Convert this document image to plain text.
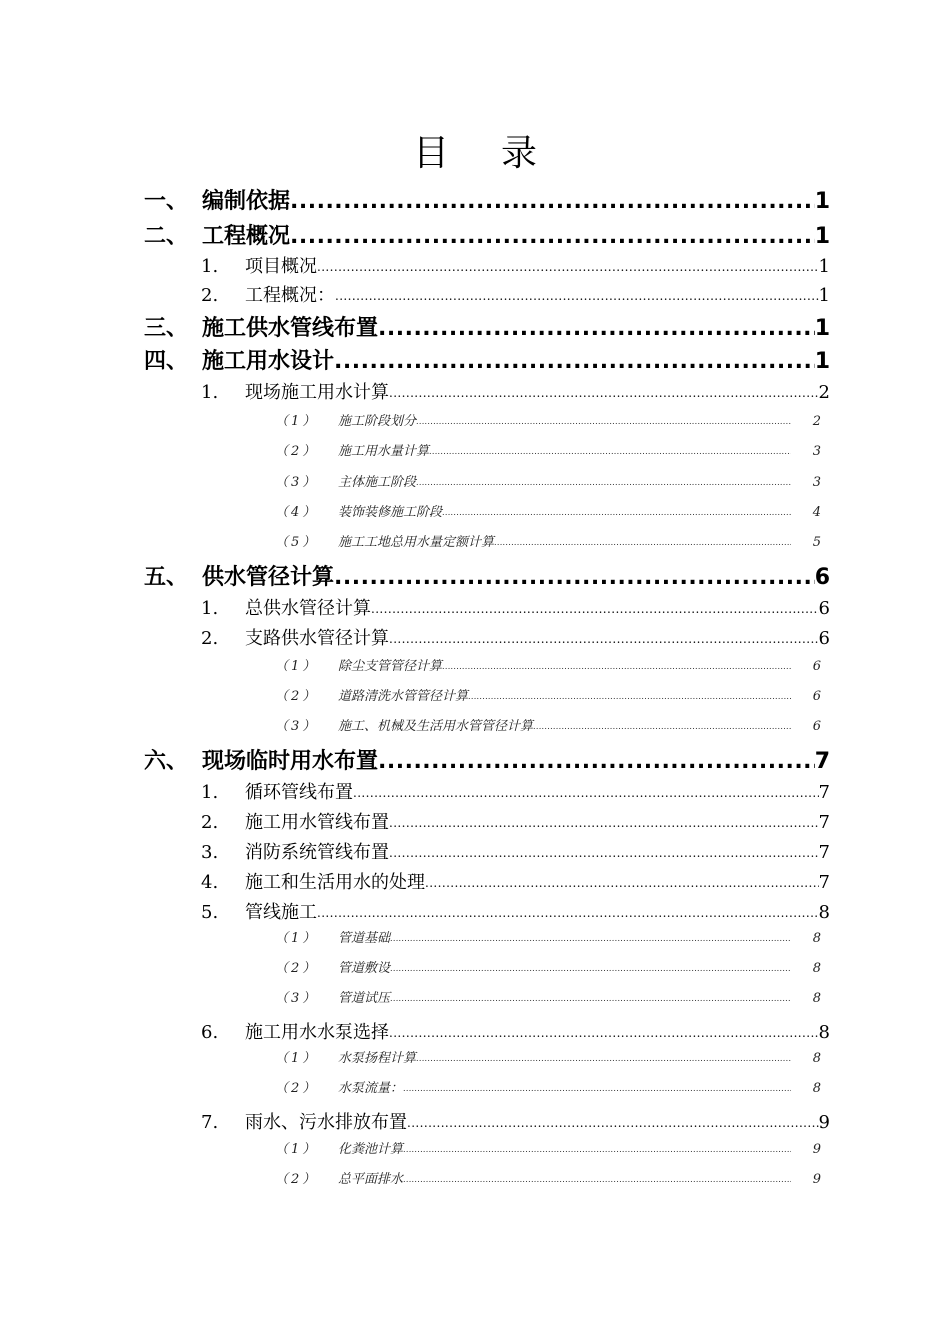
目 录
一、 编制依据 .....	1
二、 工程概况 .....	1
1.	项目概况 .....	1
2.	工程概况： .....	1
三、 施工供水管线布置 .....	1
四、 施工用水设计 .....	1
1.	现场施工用水计算 .....	2
（1）	施工阶段划分 .....	2
（2）	施工用水量计算 .....	3
（3）	主体施工阶段 .....	3
（4）	装饰装修施工阶段 .....	4
（5）	施工工地总用水量定额计算 .....	5
五、 供水管径计算 .....	6
1.	总供水管径计算 .....	6
2.	支路供水管径计算 .....	6
（1）	除尘支管管径计算 .....	6
（2）	道路清洗水管管径计算 .....	6
（3）	施工、机械及生活用水管管径计算 .....	6
六、 现场临时用水布置 .....	7
1.	循环管线布置 .....	7
2.	施工用水管线布置 .....	7
3.	消防系统管线布置 .....	7
4.	施工和生活用水的处理 .....	7
5.	管线施工 .....	8
（1）	管道基础 .....	8
（2）	管道敷设 .....	8
（3）	管道试压 .....	8
6.	施工用水水泵选择 .....	8
（1）	水泵扬程计算 .....	8
（2）	水泵流量： .....	8
7.	雨水、污水排放布置 .....	9
（1）	化粪池计算 .....	9
（2）	总平面排水 .....	9
